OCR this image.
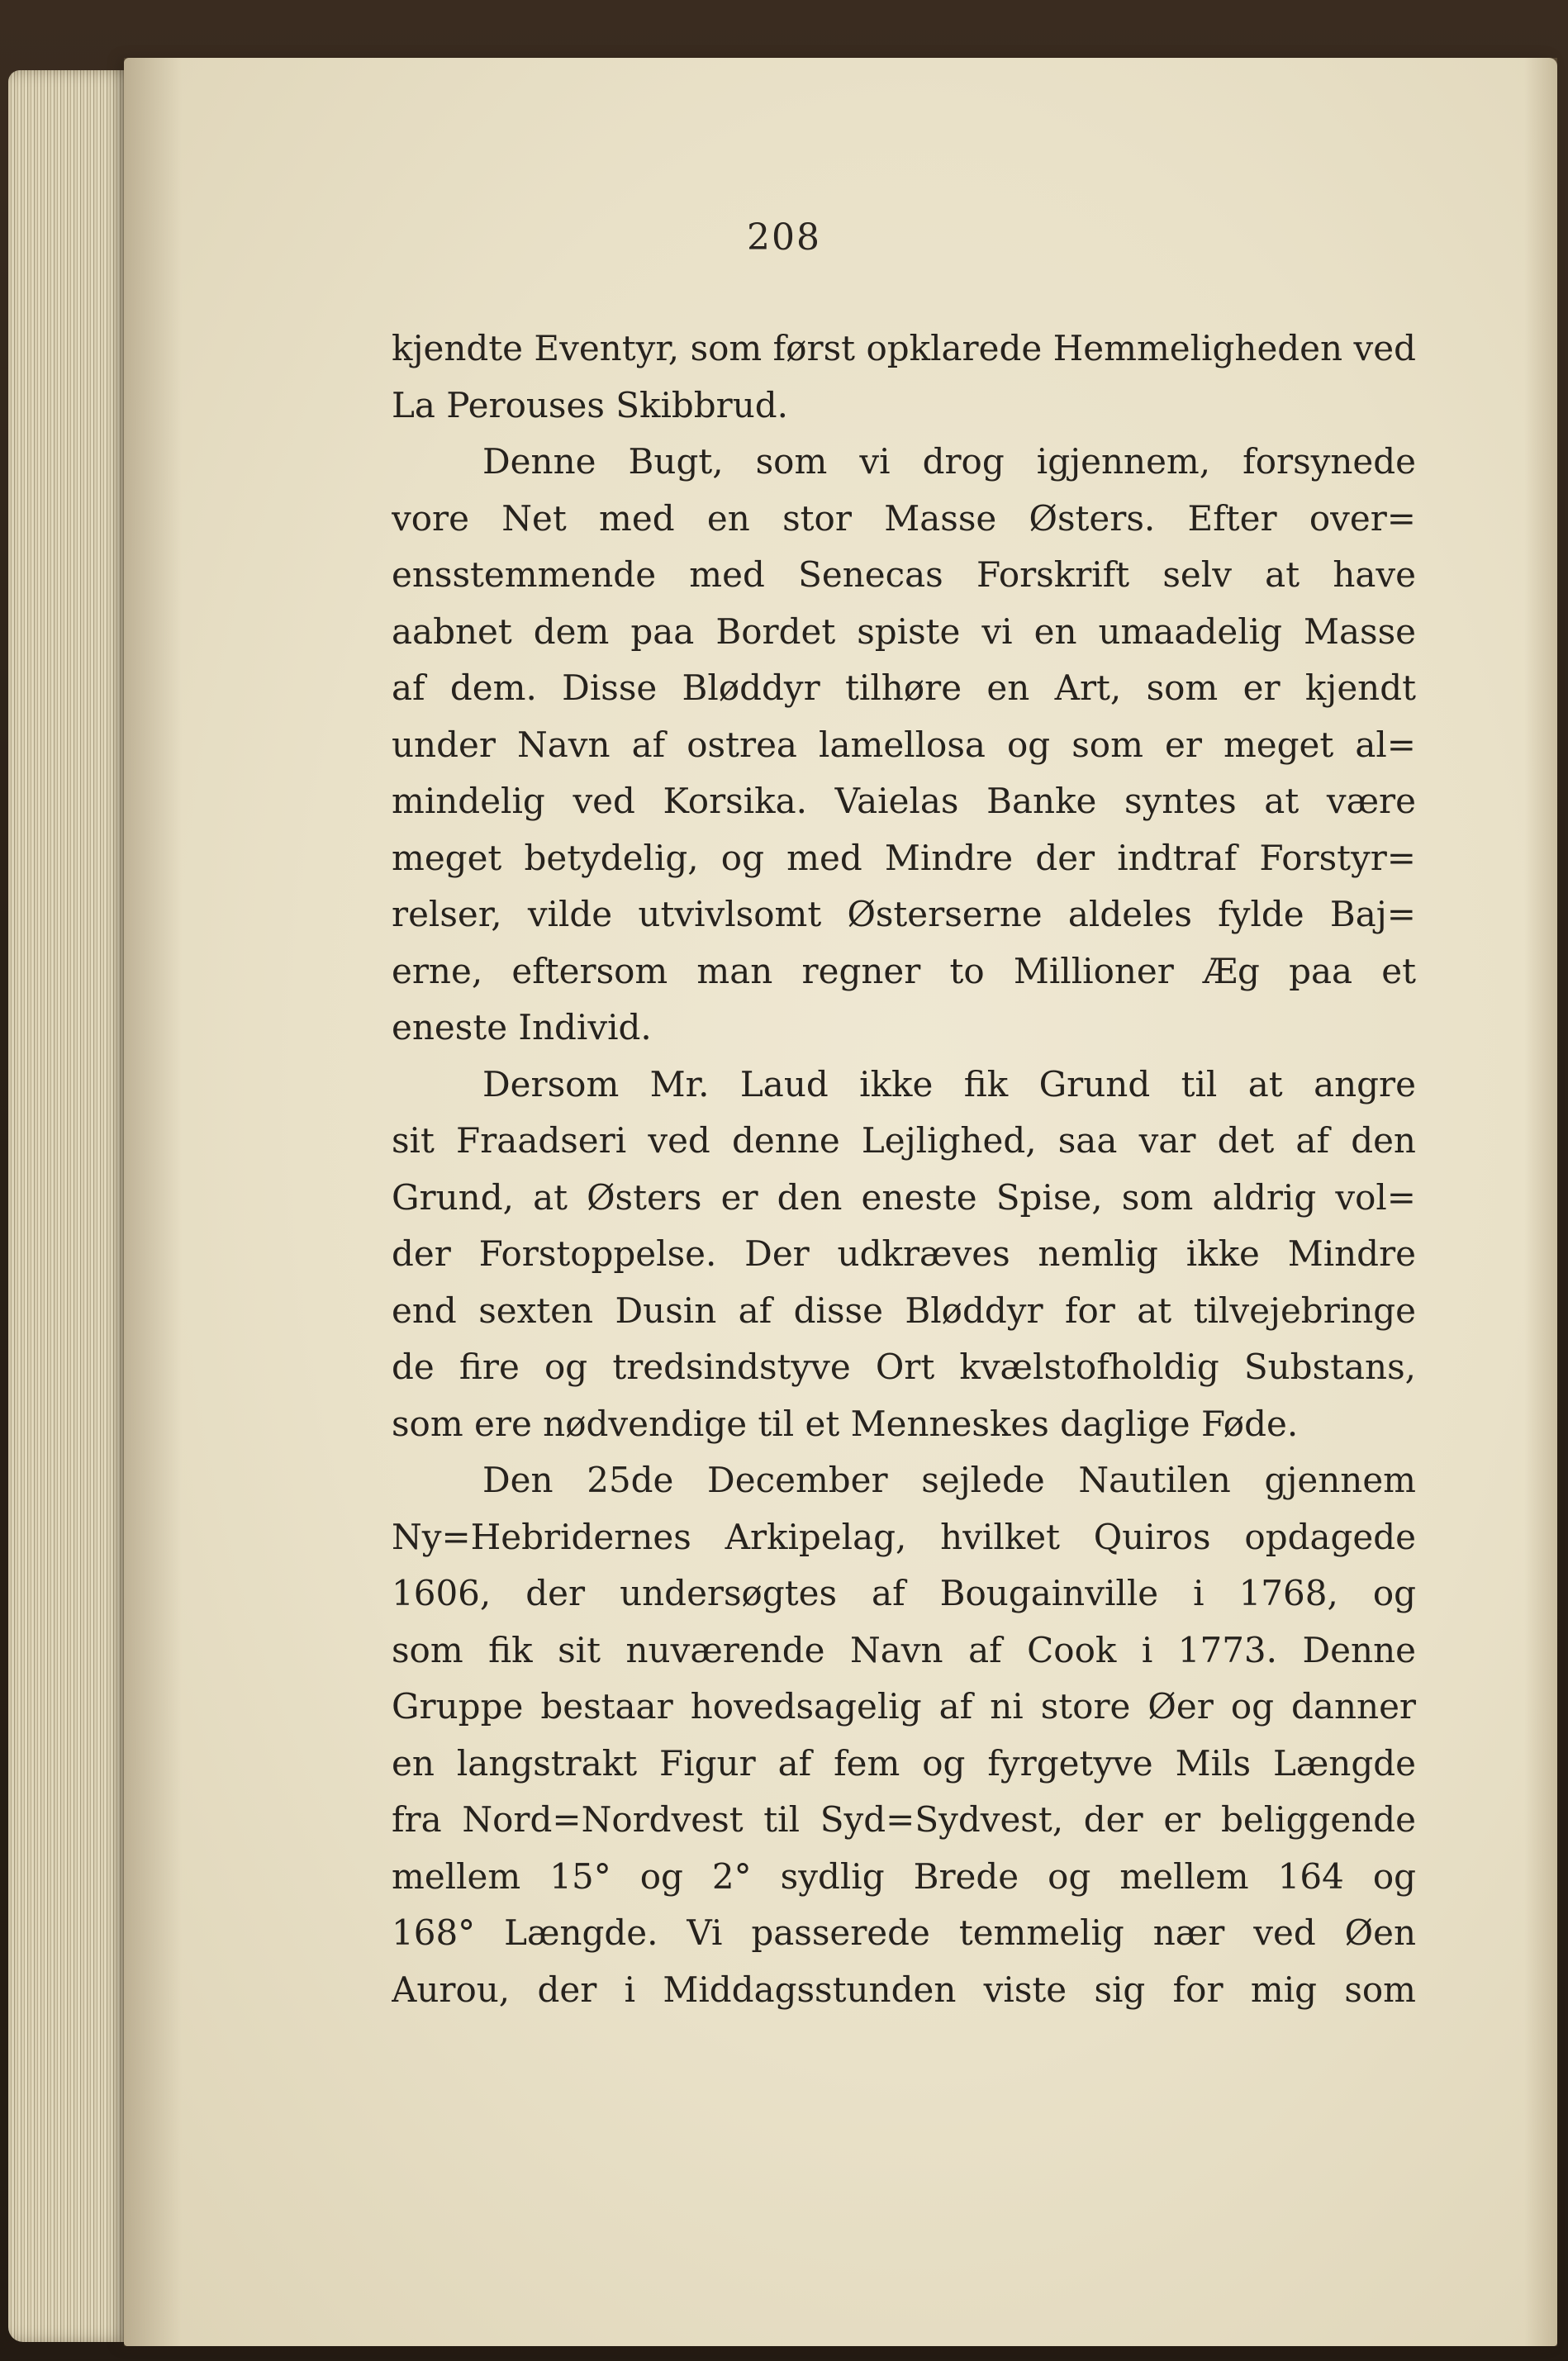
208
kjendte Eventyr, som først opklarede Hemmeligheden ved
La Perouses Skibbrud.
Denne Bugt, som vi drog igjennem, forsynede
vore Net med en stor Masse Østers. Efter over=
ensstemmende med Senecas Forskrift selv at have
aabnet dem paa Bordet spiste vi en umaadelig Masse
af dem. Disse Bløddyr tilhøre en Art, som er kjendt
under Navn af ostrea lamellosa og som er meget al=
mindelig ved Korsika. Vaielas Banke syntes at være
meget betydelig, og med Mindre der indtraf Forstyr=
relser, vilde utvivlsomt Østerserne aldeles fylde Baj=
erne, eftersom man regner to Millioner Æg paa et
eneste Individ.
Dersom Mr. Laud ikke fik Grund til at angre
sit Fraadseri ved denne Lejlighed, saa var det af den
Grund, at Østers er den eneste Spise, som aldrig vol=
der Forstoppelse. Der udkræves nemlig ikke Mindre
end sexten Dusin af disse Bløddyr for at tilvejebringe
de fire og tredsindstyve Ort kvælstofholdig Substans,
som ere nødvendige til et Menneskes daglige Føde.
Den 25de December sejlede Nautilen gjennem
Ny=Hebridernes Arkipelag, hvilket Quiros opdagede
1606, der undersøgtes af Bougainville i 1768, og
som fik sit nuværende Navn af Cook i 1773. Denne
Gruppe bestaar hovedsagelig af ni store Øer og danner
en langstrakt Figur af fem og fyrgetyve Mils Længde
fra Nord=Nordvest til Syd=Sydvest, der er beliggende
mellem 15° og 2° sydlig Brede og mellem 164 og
168° Længde. Vi passerede temmelig nær ved Øen
Aurou, der i Middagsstunden viste sig for mig som
